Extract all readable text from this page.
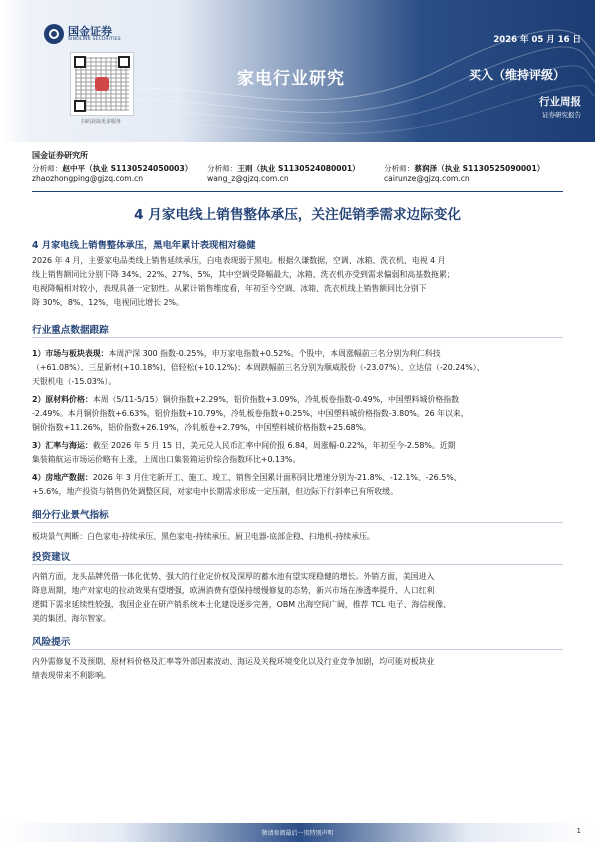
国金证券
SINOLINK SECURITIES
扫码获取更多服务
2026 年 05 月 16 日
家电行业研究	买入（维持评级）
行业周报
证券研究报告
国金证券研究所
分析师：赵中平（执业 S1130524050003）
zhaozhongping@gjzq.com.cn
分析师：王则（执业 S1130524080001）
wang_z@gjzq.com.cn
分析师：蔡润泽（执业 S1130525090001）
cairunze@gjzq.com.cn
4 月家电线上销售整体承压，关注促销季需求边际变化
4 月家电线上销售整体承压，黑电年累计表现相对稳健
2026 年 4 月，主要家电品类线上销售延续承压，白电表现弱于黑电。根据久谦数据，空调、冰箱、洗衣机、电视 4 月
线上销售额同比分别下降 34%、22%、27%、5%，其中空调受降幅最大，冰箱、洗衣机亦受到需求偏弱和高基数拖累；
电视降幅相对较小，表现具备一定韧性。从累计销售维度看，年初至今空调、冰箱、洗衣机线上销售额同比分别下
降 30%、8%、12%，电视同比增长 2%。
行业重点数据跟踪
1）市场与板块表现：本周沪深 300 指数-0.25%，申万家电指数+0.52%。个股中，本周涨幅前三名分别为利仁科技
（+61.08%）、三星新材(+10.18%)、倍轻松(+10.12%)；本周跌幅前三名分别为顺威股份（-23.07%）、立达信（-20.24%）、
天银机电（-15.03%）。
2）原材料价格：本周（5/11-5/15）铜价指数+2.29%，铝价指数+3.09%，冷轧板卷指数-0.49%，中国塑料城价格指数
-2.49%。本月铜价指数+6.63%，铝价指数+10.79%，冷轧板卷指数+0.25%，中国塑料城价格指数-3.80%。26 年以来，
铜价指数+11.26%，铝价指数+26.19%，冷轧板卷+2.79%，中国塑料城价格指数+25.68%。
3）汇率与海运：截至 2026 年 5 月 15 日，美元兑人民币汇率中间价报 6.84，周涨幅-0.22%，年初至今-2.58%。近期
集装箱航运市场运价略有上涨，上周出口集装箱运价综合指数环比+0.13%。
4）房地产数据：2026 年 3 月住宅新开工、施工、竣工、销售全国累计面积同比增速分别为-21.8%、-12.1%、-26.5%、
+5.6%，地产投资与销售仍处调整区间，对家电中长期需求形成一定压制，但边际下行斜率已有所收缓。
细分行业景气指标
板块景气判断：白色家电-持续承压、黑色家电-持续承压、厨卫电器-底部企稳、扫地机-持续承压。
投资建议
内销方面，龙头品牌凭借一体化优势、强大的行业定价权及深厚的蓄水池有望实现稳健的增长。外销方面，美国进入
降息周期，地产对家电的拉动效果有望增强，欧洲消费有望保持缓慢修复的态势，新兴市场在渗透率提升、人口红利
逻辑下需求延续性较强，我国企业在研产销系统本土化建设逐步完善，OBM 出海空间广阔，推荐 TCL 电子、海信视像、
美的集团、海尔智家。
风险提示
内外需修复不及预期、原材料价格及汇率等外部因素波动、海运及关税环境变化以及行业竞争加剧，均可能对板块业
绩表现带来不利影响。
敬请参阅最后一页特别声明	1
